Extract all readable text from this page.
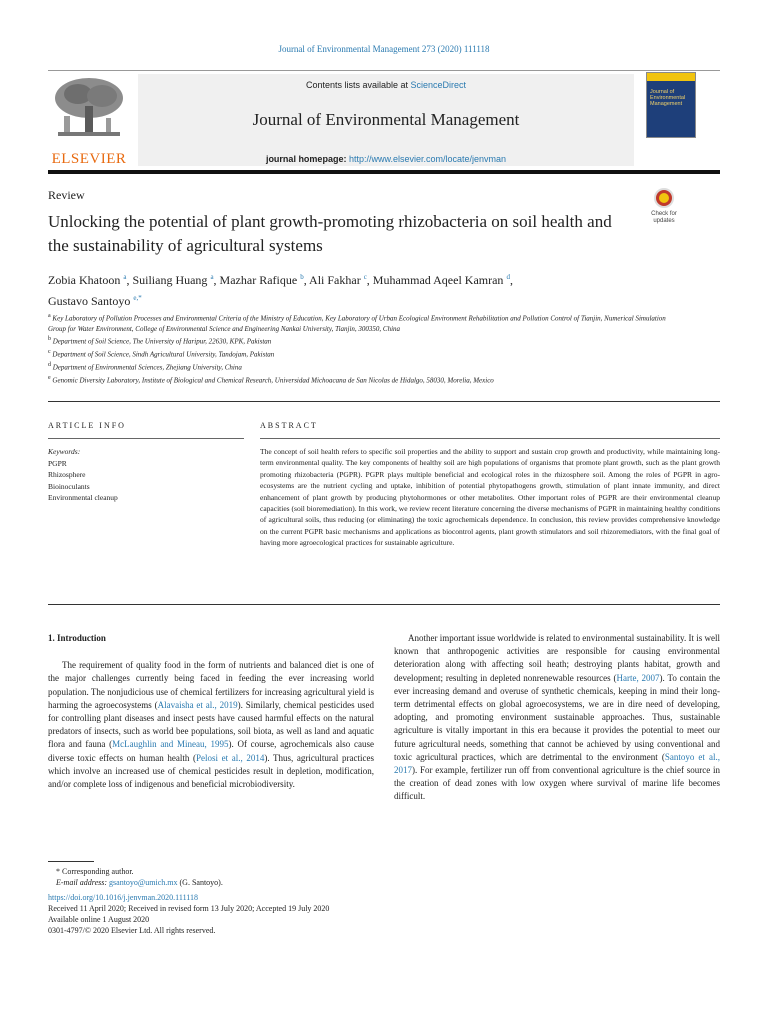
Journal of Environmental Management 273 (2020) 111118
ELSEVIER
Contents lists available at ScienceDirect
Journal of Environmental Management
journal homepage: http://www.elsevier.com/locate/jenvman
Journal of Environmental Management
Review
Unlocking the potential of plant growth-promoting rhizobacteria on soil health and the sustainability of agricultural systems
Check for updates
Zobia Khatoon $^a$, Suiliang Huang $^a$, Mazhar Rafique $^b$, Ali Fakhar $^c$, Muhammad Aqeel Kamran $^d$,
Gustavo Santoyo $^{e,*}$
$^a$ Key Laboratory of Pollution Processes and Environmental Criteria of the Ministry of Education, Key Laboratory of Urban Ecological Environment Rehabilitation and Pollution Control of Tianjin, Numerical Simulation Group for Water Environment, College of Environmental Science and Engineering Nankai University, Tianjin, 300350, China
$^b$ Department of Soil Science, The University of Haripur, 22630, KPK, Pakistan
$^c$ Department of Soil Science, Sindh Agricultural University, Tandojam, Pakistan
$^d$ Department of Environmental Sciences, Zhejiang University, China
$^e$ Genomic Diversity Laboratory, Institute of Biological and Chemical Research, Universidad Michoacana de San Nicolas de Hidalgo, 58030, Morelia, Mexico
ARTICLE INFO	ABSTRACT
Keywords:
PGPR
Rhizosphere
Bioinoculants
Environmental cleanup
The concept of soil health refers to specific soil properties and the ability to support and sustain crop growth and productivity, while maintaining long-term environmental quality. The key components of healthy soil are high populations of organisms that promote plant growth, such as the plant growth promoting rhizobacteria (PGPR). PGPR plays multiple beneficial and ecological roles in the rhizosphere soil. Among the roles of PGPR in agro-ecosystems are the nutrient cycling and uptake, inhibition of potential phytopathogens growth, stimulation of plant innate immunity, and direct enhancement of plant growth by producing phytohormones or other metabolites. Other important roles of PGPR are their environmental cleanup capacities (soil bioremediation). In this work, we review recent literature concerning the diverse mechanisms of PGPR in maintaining healthy conditions of agricultural soils, thus reducing (or eliminating) the toxic agrochemicals dependence. In conclusion, this review provides comprehensive knowledge on the current PGPR basic mechanisms and applications as biocontrol agents, plant growth stimulators and soil rhizoremediators, with the final goal of having more agroecological practices for sustainable agriculture.
1. Introduction

The requirement of quality food in the form of nutrients and balanced diet is one of the major challenges currently being faced in feeding the ever increasing world population. The nonjudicious use of chemical fertilizers for increasing agricultural yield is harming the agroecosystems (Alavaisha et al., 2019). Similarly, chemical pesticides used for controlling plant diseases and insect pests have caused harmful effects on the natural predators of insects, such as world bee populations, soil biota, as well as land and aquatic flora and fauna (McLaughlin and Mineau, 1995). Of course, agrochemicals also cause diverse toxic effects on human health (Pelosi et al., 2014). Thus, agricultural practices which involve an increased use of chemical pesticides result in depletion, modification, and/or complete loss of indigenous and beneficial microbiodiversity.

Another important issue worldwide is related to environmental sustainability. It is well known that anthropogenic activities are responsible for causing environmental deterioration along with affecting soil heath; destroying plants habitat, growth and development; resulting in depleted nonrenewable resources (Harte, 2007). To contain the ever increasing demand and overuse of synthetic chemicals, keeping in mind their long-term detrimental effects on global agroecosystems, we are in dire need of developing, adopting, and promoting environment sustainable approaches. Thus, sustainable agriculture is vitally important in this era because it provides the potential to meet our future agricultural needs, something that cannot be achieved by using conventional and toxic agricultural practices, which are detrimental to the environment (Santoyo et al., 2017). For example, fertilizer run off from conventional agriculture is the chief source in the creation of dead zones with low oxygen where survival of marine life becomes difficult.

* Corresponding author.
E-mail address: gsantoyo@umich.mx (G. Santoyo).
https://doi.org/10.1016/j.jenvman.2020.111118
Received 11 April 2020; Received in revised form 13 July 2020; Accepted 19 July 2020
Available online 1 August 2020
0301-4797/© 2020 Elsevier Ltd. All rights reserved.
